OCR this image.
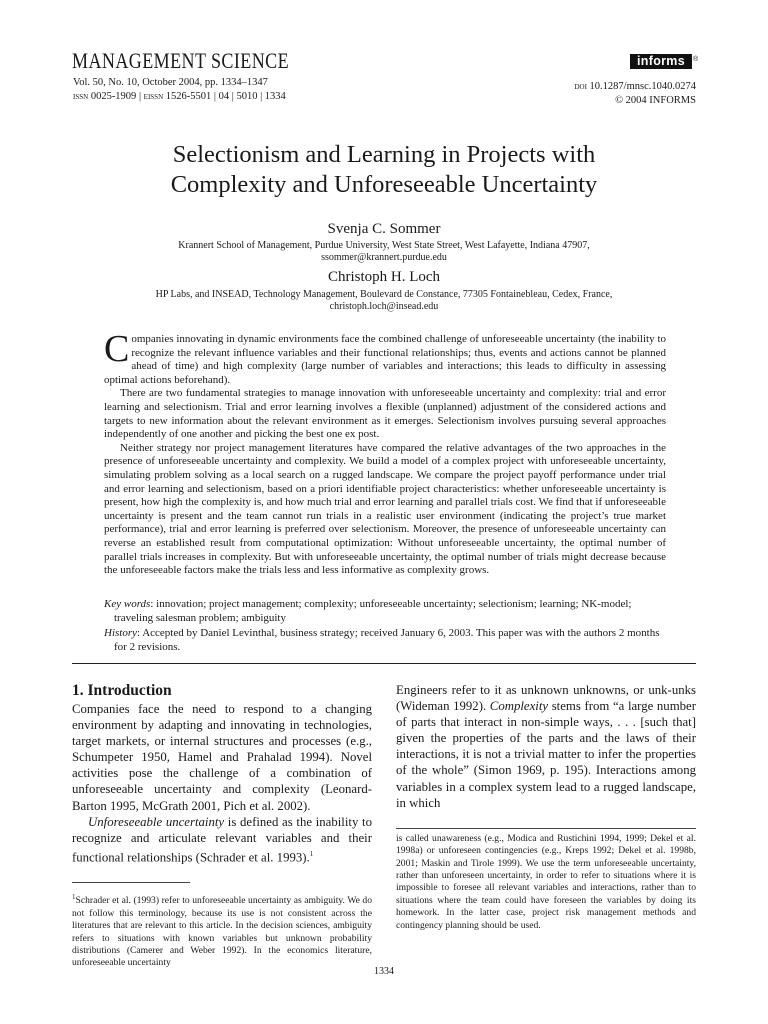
MANAGEMENT SCIENCE
Vol. 50, No. 10, October 2004, pp. 1334–1347
issn 0025-1909 | eissn 1526-5501 | 04 | 5010 | 1334
informs	®
doi 10.1287/mnsc.1040.0274
© 2004 INFORMS
Selectionism and Learning in Projects with
Complexity and Unforeseeable Uncertainty
Svenja C. Sommer
Krannert School of Management, Purdue University, West State Street, West Lafayette, Indiana 47907,
ssommer@krannert.purdue.edu
Christoph H. Loch
HP Labs, and INSEAD, Technology Management, Boulevard de Constance, 77305 Fontainebleau, Cedex, France,
christoph.loch@insead.edu

Companies innovating in dynamic environments face the combined challenge of unforeseeable uncertainty (the inability to recognize the relevant influence variables and their functional relationships; thus, events and actions cannot be planned ahead of time) and high complexity (large number of variables and interactions; this leads to difficulty in assessing optimal actions beforehand).

There are two fundamental strategies to manage innovation with unforeseeable uncertainty and complexity: trial and error learning and selectionism. Trial and error learning involves a flexible (unplanned) adjustment of the considered actions and targets to new information about the relevant environment as it emerges. Selectionism involves pursuing several approaches independently of one another and picking the best one ex post.

Neither strategy nor project management literatures have compared the relative advantages of the two approaches in the presence of unforeseeable uncertainty and complexity. We build a model of a complex project with unforeseeable uncertainty, simulating problem solving as a local search on a rugged landscape. We compare the project payoff performance under trial and error learning and selectionism, based on a priori identifiable project characteristics: whether unforeseeable uncertainty is present, how high the complexity is, and how much trial and error learning and parallel trials cost. We find that if unforeseeable uncertainty is present and the team cannot run trials in a realistic user environment (indicating the project’s true market performance), trial and error learning is preferred over selectionism. Moreover, the presence of unforeseeable uncertainty can reverse an established result from computational optimization: Without unforeseeable uncertainty, the optimal number of parallel trials increases in complexity. But with unforeseeable uncertainty, the optimal number of trials might decrease because the unforeseeable factors make the trials less and less informative as complexity grows.

Key words: innovation; project management; complexity; unforeseeable uncertainty; selectionism; learning; NK-model; traveling salesman problem; ambiguity

History: Accepted by Daniel Levinthal, business strategy; received January 6, 2003. This paper was with the authors 2 months for 2 revisions.

1. Introduction

Companies face the need to respond to a changing environment by adapting and innovating in technologies, target markets, or internal structures and processes (e.g., Schumpeter 1950, Hamel and Prahalad 1994). Novel activities pose the challenge of a combination of unforeseeable uncertainty and complexity (Leonard-Barton 1995, McGrath 2001, Pich et al. 2002).

Unforeseeable uncertainty is defined as the inability to recognize and articulate relevant variables and their functional relationships (Schrader et al. 1993).$^1$

$^1$Schrader et al. (1993) refer to unforeseeable uncertainty as ambiguity. We do not follow this terminology, because its use is not consistent across the literatures that are relevant to this article. In the decision sciences, ambiguity refers to situations with known variables but unknown probability distributions (Camerer and Weber 1992). In the economics literature, unforeseeable uncertainty

Engineers refer to it as unknown unknowns, or unk-unks (Wideman 1992). Complexity stems from “a large number of parts that interact in non-simple ways, . . . [such that] given the properties of the parts and the laws of their interactions, it is not a trivial matter to infer the properties of the whole” (Simon 1969, p. 195). Interactions among variables in a complex system lead to a rugged landscape, in which

is called unawareness (e.g., Modica and Rustichini 1994, 1999; Dekel et al. 1998a) or unforeseen contingencies (e.g., Kreps 1992; Dekel et al. 1998b, 2001; Maskin and Tirole 1999). We use the term unforeseeable uncertainty, rather than unforeseen uncertainty, in order to refer to situations where it is impossible to foresee all relevant variables and interactions, rather than to situations where the team could have foreseen the variables by doing its homework. In the latter case, project risk management methods and contingency planning should be used.
1334
